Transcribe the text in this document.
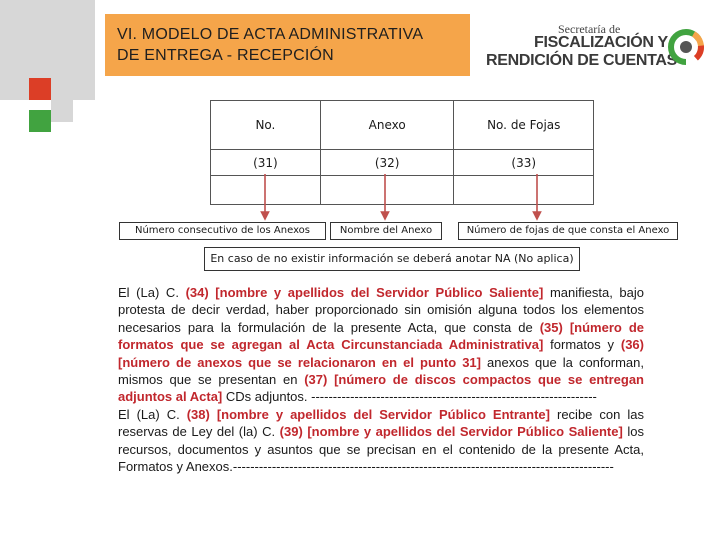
VI. MODELO DE ACTA ADMINISTRATIVA
DE ENTREGA - RECEPCIÓN
Secretaría de
FISCALIZACIÓN Y
RENDICIÓN DE CUENTAS
No.	Anexo	No. de Fojas
(31)	(32)	(33)

Número consecutivo de los Anexos	Nombre del Anexo	Número de fojas de que consta el Anexo
En caso de no existir información se deberá anotar NA (No aplica)

El (La) C. (34) [nombre y apellidos del Servidor Público Saliente] manifiesta, bajo protesta de decir verdad, haber proporcionado sin omisión alguna todos los elementos necesarios para la formulación de la presente Acta, que consta de (35) [número de formatos que se agregan al Acta Circunstanciada Administrativa] formatos y (36) [número de anexos que se relacionaron en el punto 31] anexos que la conforman, mismos que se presentan en (37) [número de discos compactos que se entregan adjuntos al Acta] CDs adjuntos. ------------------------------------------------------------------

El (La) C. (38) [nombre y apellidos del Servidor Público Entrante] recibe con las reservas de Ley del (la) C. (39) [nombre y apellidos del Servidor Público Saliente] los recursos, documentos y asuntos que se precisan en el contenido de la presente Acta, Formatos y Anexos.----------------------------------------------------------------------------------------
